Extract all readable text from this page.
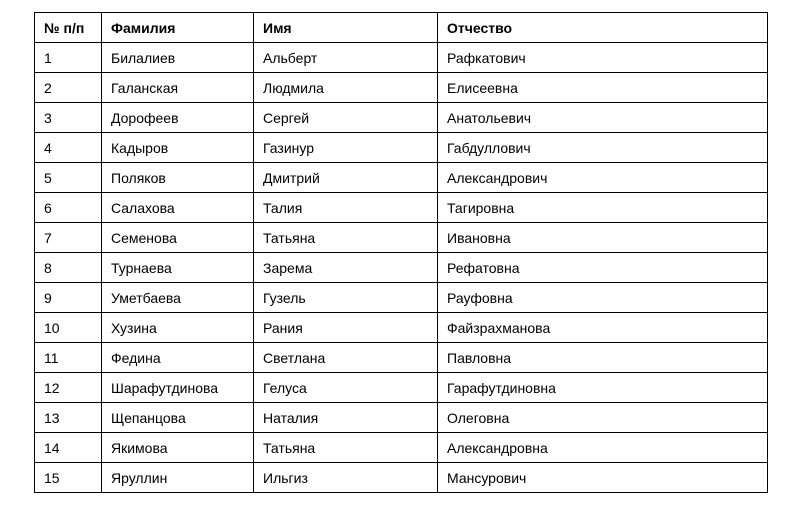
№ п/п	Фамилия	Имя	Отчество
1	Билалиев	Альберт	Рафкатович
2	Галанская	Людмила	Елисеевна
3	Дорофеев	Сергей	Анатольевич
4	Кадыров	Газинур	Габдуллович
5	Поляков	Дмитрий	Александрович
6	Салахова	Талия	Тагировна
7	Семенова	Татьяна	Ивановна
8	Турнаева	Зарема	Рефатовна
9	Уметбаева	Гузель	Рауфовна
10	Хузина	Рания	Файзрахманова
11	Федина	Светлана	Павловна
12	Шарафутдинова	Гелуса	Гарафутдиновна
13	Щепанцова	Наталия	Олеговна
14	Якимова	Татьяна	Александровна
15	Яруллин	Ильгиз	Мансурович
